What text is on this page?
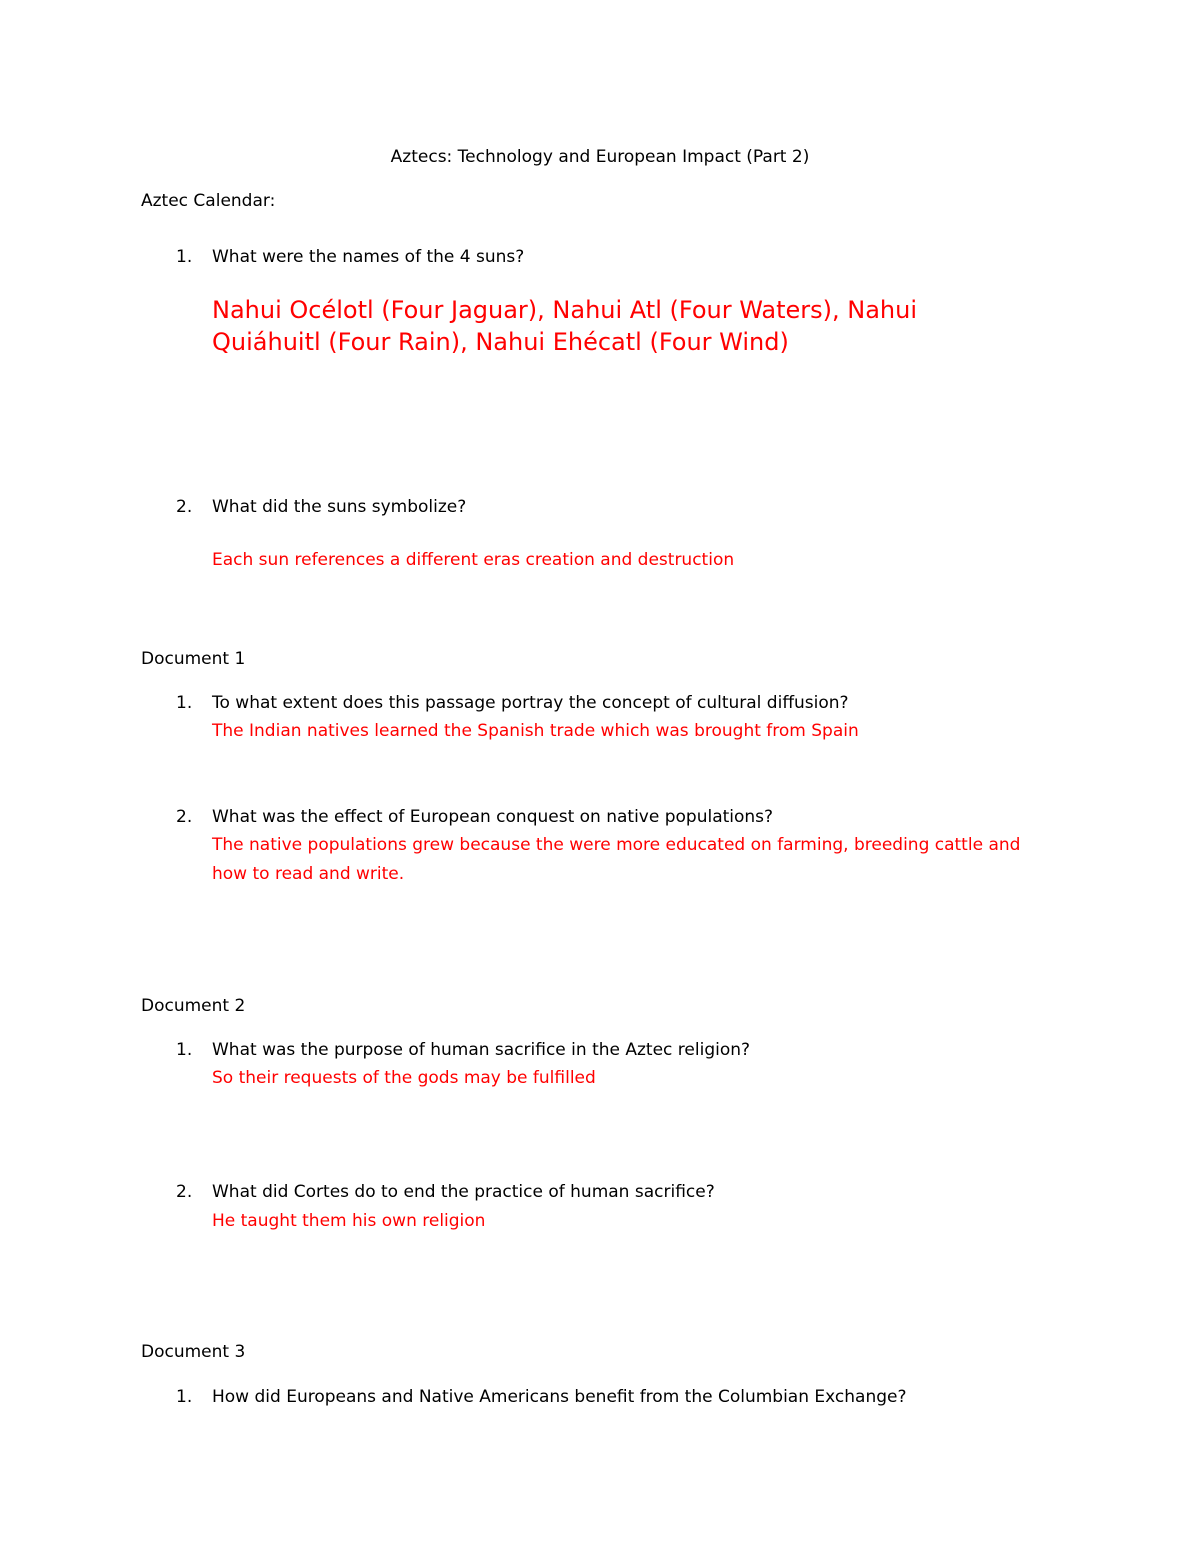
Aztecs: Technology and European Impact (Part 2)
Aztec Calendar:
1. What were the names of the 4 suns?
Nahui Océlotl (Four Jaguar), Nahui Atl (Four Waters), Nahui
Quiáhuitl (Four Rain), Nahui Ehécatl (Four Wind)
2. What did the suns symbolize?
Each sun references a different eras creation and destruction
Document 1
1. To what extent does this passage portray the concept of cultural diffusion?
The Indian natives learned the Spanish trade which was brought from Spain
2. What was the effect of European conquest on native populations?
The native populations grew because the were more educated on farming, breeding cattle and
how to read and write.
Document 2
1. What was the purpose of human sacrifice in the Aztec religion?
So their requests of the gods may be fulfilled
2. What did Cortes do to end the practice of human sacrifice?
He taught them his own religion
Document 3
1. How did Europeans and Native Americans benefit from the Columbian Exchange?
